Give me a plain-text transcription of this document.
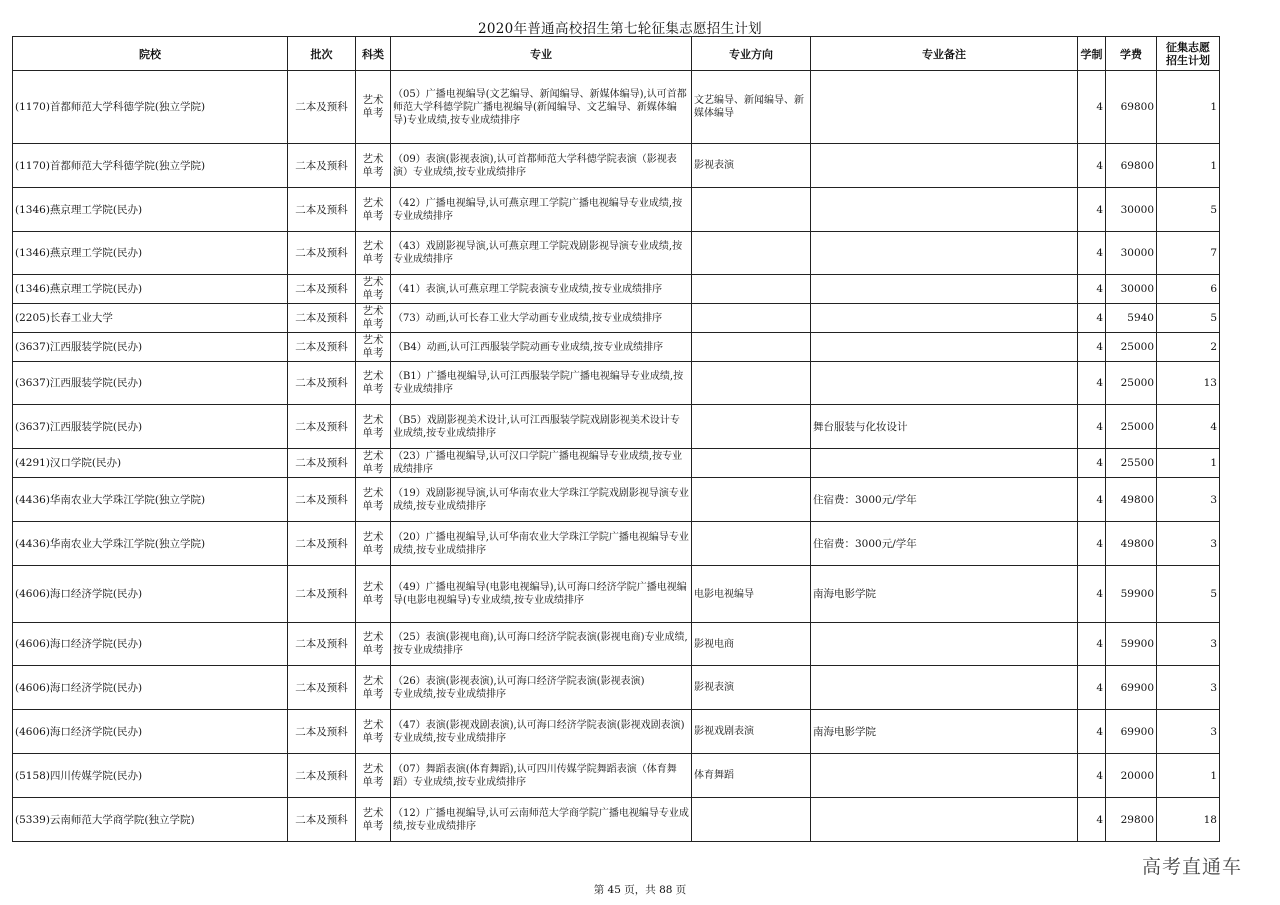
2020年普通高校招生第七轮征集志愿招生计划
院校	批次	科类	专业	专业方向	专业备注	学制	学费	征集志愿
招生计划
(1170)首都师范大学科德学院(独立学院)	二本及预科	艺术单考	（05）广播电视编导(文艺编导、新闻编导、新媒体编导),认可首都师范大学科德学院广播电视编导(新闻编导、文艺编导、新媒体编导)专业成绩,按专业成绩排序	文艺编导、新闻编导、新媒体编导		4	69800	1
(1170)首都师范大学科德学院(独立学院)	二本及预科	艺术单考	（09）表演(影视表演),认可首都师范大学科德学院表演（影视表演）专业成绩,按专业成绩排序	影视表演		4	69800	1
(1346)燕京理工学院(民办)	二本及预科	艺术单考	（42）广播电视编导,认可燕京理工学院广播电视编导专业成绩,按专业成绩排序			4	30000	5
(1346)燕京理工学院(民办)	二本及预科	艺术单考	（43）戏剧影视导演,认可燕京理工学院戏剧影视导演专业成绩,按专业成绩排序			4	30000	7
(1346)燕京理工学院(民办)	二本及预科	艺术单考	（41）表演,认可燕京理工学院表演专业成绩,按专业成绩排序			4	30000	6
(2205)长春工业大学	二本及预科	艺术单考	（73）动画,认可长春工业大学动画专业成绩,按专业成绩排序			4	5940	5
(3637)江西服装学院(民办)	二本及预科	艺术单考	（B4）动画,认可江西服装学院动画专业成绩,按专业成绩排序			4	25000	2
(3637)江西服装学院(民办)	二本及预科	艺术单考	（B1）广播电视编导,认可江西服装学院广播电视编导专业成绩,按专业成绩排序			4	25000	13
(3637)江西服装学院(民办)	二本及预科	艺术单考	（B5）戏剧影视美术设计,认可江西服装学院戏剧影视美术设计专业成绩,按专业成绩排序		舞台服装与化妆设计	4	25000	4
(4291)汉口学院(民办)	二本及预科	艺术单考	（23）广播电视编导,认可汉口学院广播电视编导专业成绩,按专业成绩排序			4	25500	1
(4436)华南农业大学珠江学院(独立学院)	二本及预科	艺术单考	（19）戏剧影视导演,认可华南农业大学珠江学院戏剧影视导演专业成绩,按专业成绩排序		住宿费：3000元/学年	4	49800	3
(4436)华南农业大学珠江学院(独立学院)	二本及预科	艺术单考	（20）广播电视编导,认可华南农业大学珠江学院广播电视编导专业成绩,按专业成绩排序		住宿费：3000元/学年	4	49800	3
(4606)海口经济学院(民办)	二本及预科	艺术单考	（49）广播电视编导(电影电视编导),认可海口经济学院广播电视编导(电影电视编导)专业成绩,按专业成绩排序	电影电视编导	南海电影学院	4	59900	5
(4606)海口经济学院(民办)	二本及预科	艺术单考	（25）表演(影视电商),认可海口经济学院表演(影视电商)专业成绩,按专业成绩排序	影视电商		4	59900	3
(4606)海口经济学院(民办)	二本及预科	艺术单考	（26）表演(影视表演),认可海口经济学院表演(影视表演)
专业成绩,按专业成绩排序	影视表演		4	69900	3
(4606)海口经济学院(民办)	二本及预科	艺术单考	（47）表演(影视戏剧表演),认可海口经济学院表演(影视戏剧表演)
专业成绩,按专业成绩排序	影视戏剧表演	南海电影学院	4	69900	3
(5158)四川传媒学院(民办)	二本及预科	艺术单考	（07）舞蹈表演(体育舞蹈),认可四川传媒学院舞蹈表演（体育舞蹈）专业成绩,按专业成绩排序	体育舞蹈		4	20000	1
(5339)云南师范大学商学院(独立学院)	二本及预科	艺术单考	（12）广播电视编导,认可云南师范大学商学院广播电视编导专业成绩,按专业成绩排序			4	29800	18
第 45 页，共 88 页
高考直通车
